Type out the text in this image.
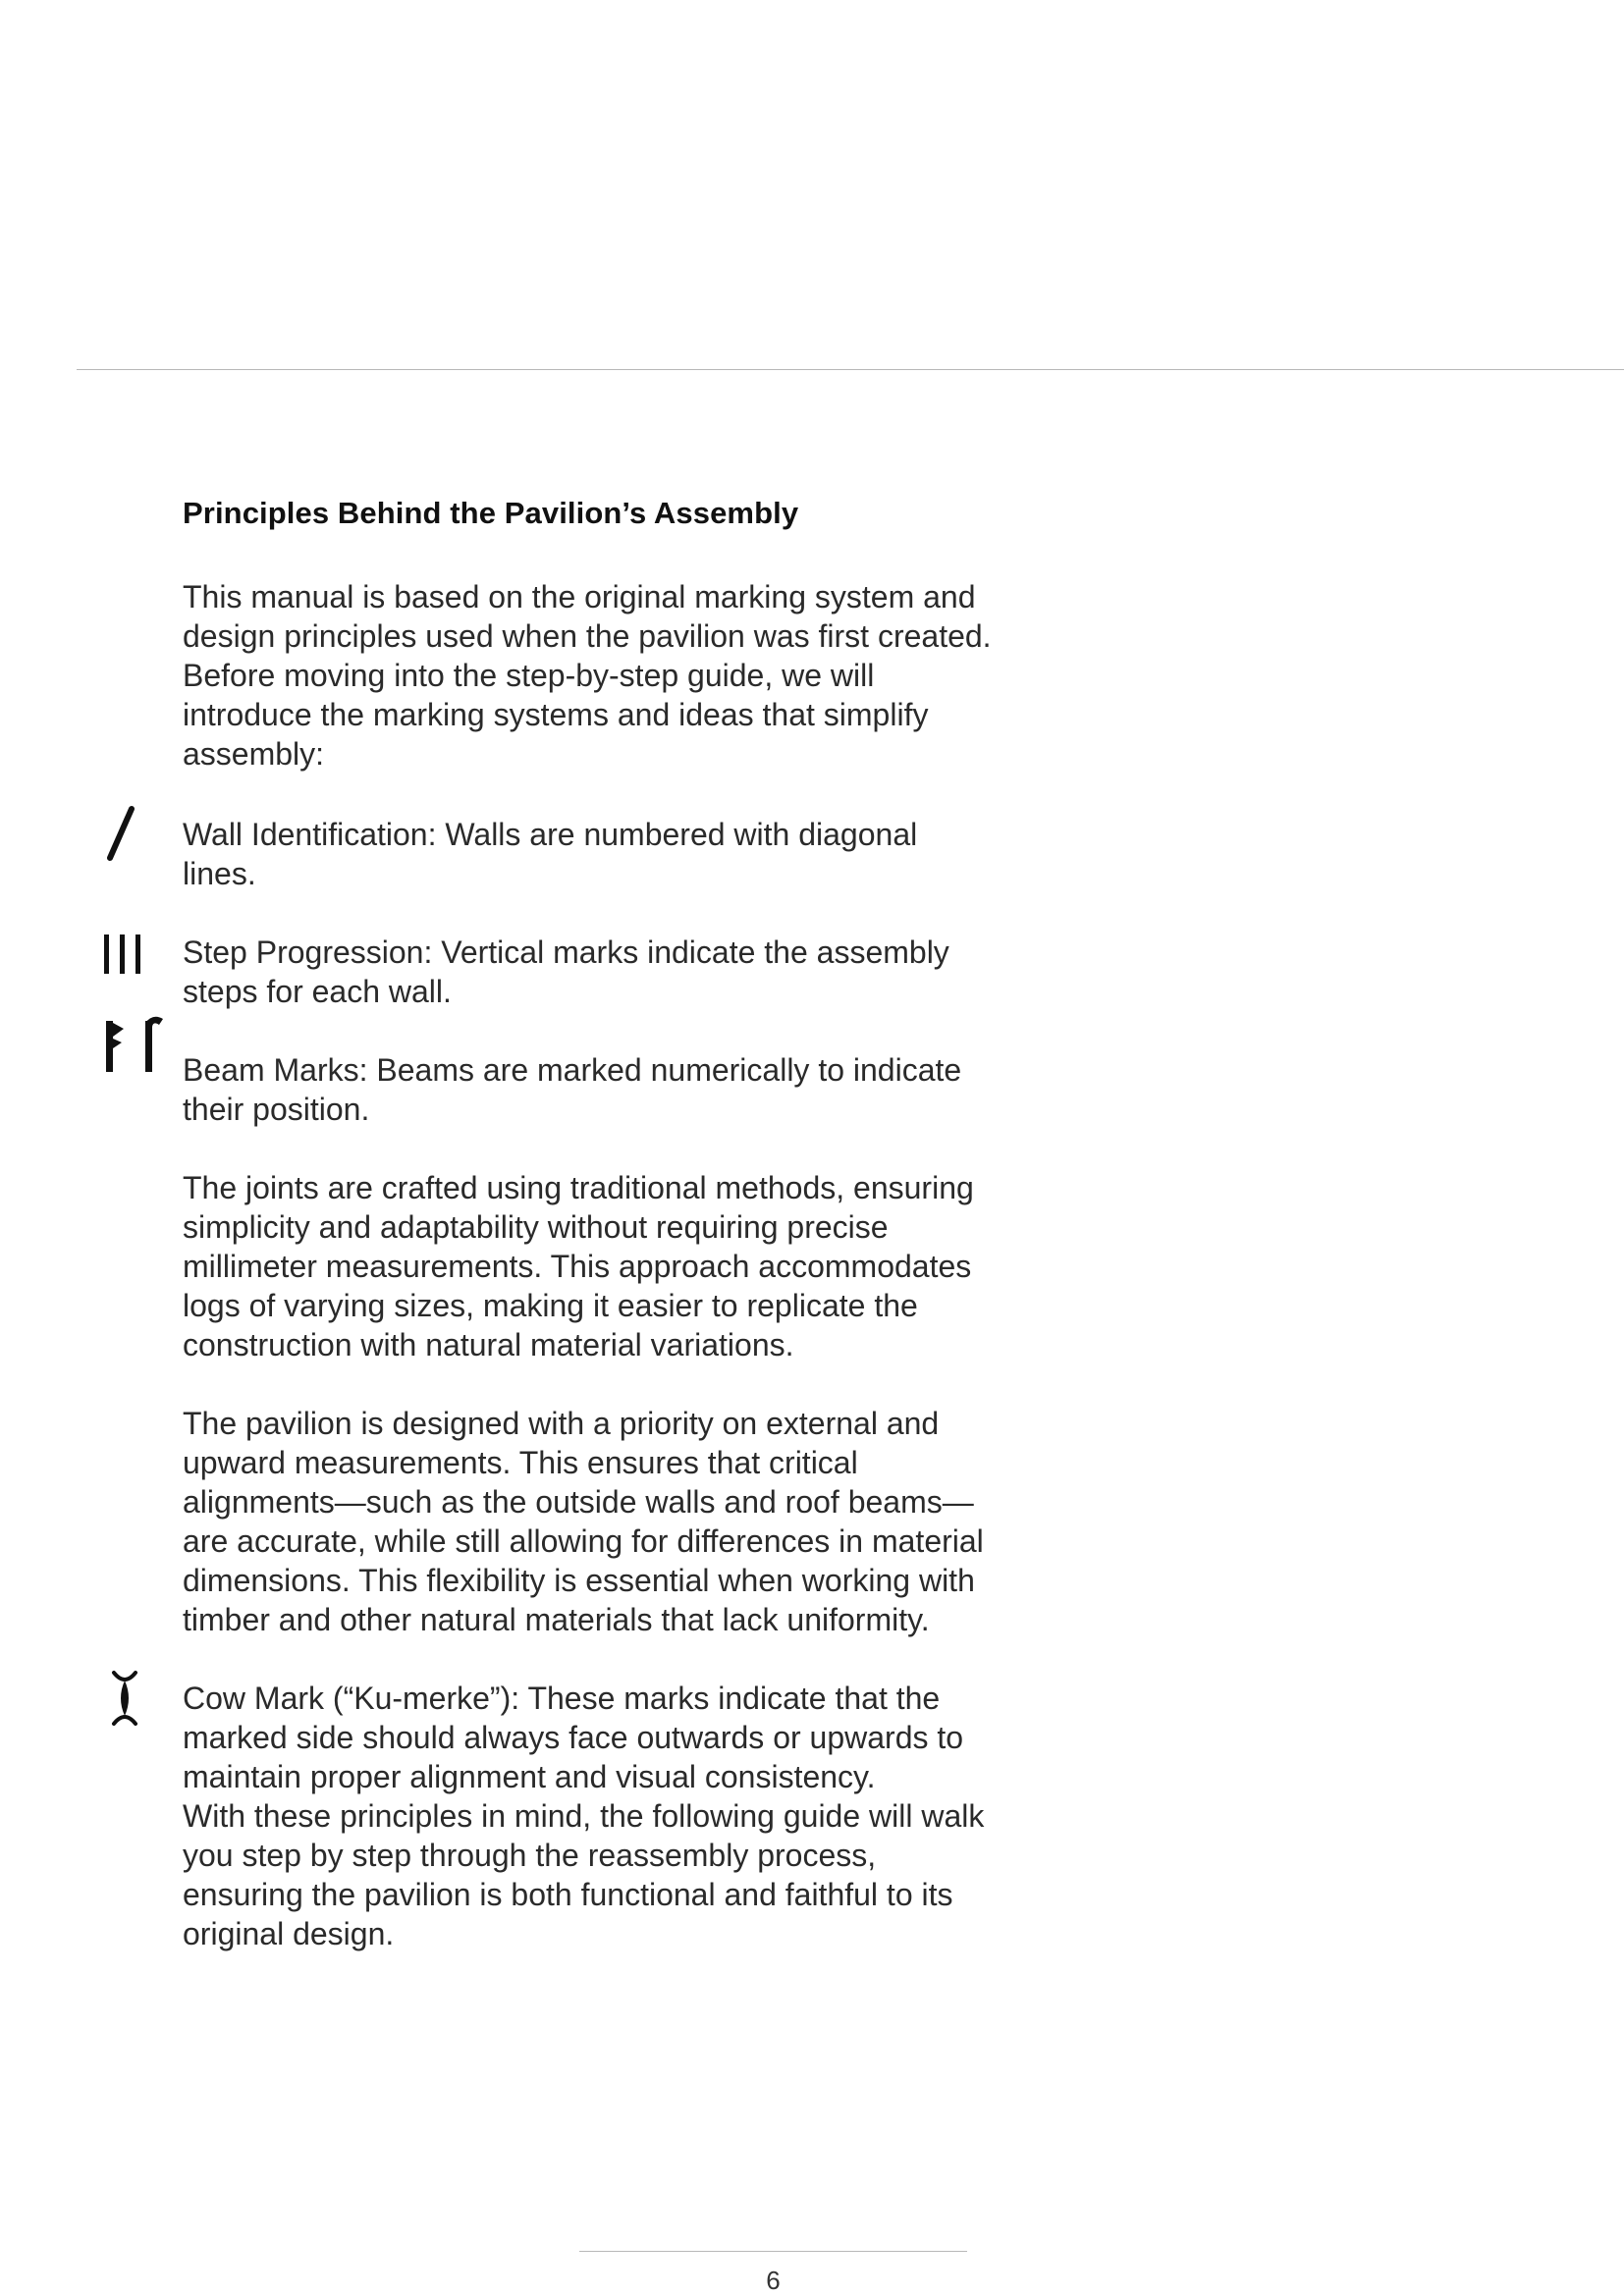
Principles Behind the Pavilion’s Assembly

This manual is based on the original marking system and design principles used when the pavilion was first created. Before moving into the step-by-step guide, we will introduce the marking systems and ideas that simplify assembly:

Wall Identification: Walls are numbered with diagonal lines.

Step Progression: Vertical marks indicate the assembly steps for each wall.

Beam Marks: Beams are marked numerically to indicate their position.

The joints are crafted using traditional methods, ensuring simplicity and adaptability without requiring precise millimeter measurements. This approach accommodates logs of varying sizes, making it easier to replicate the construction with natural material variations.

The pavilion is designed with a priority on external and upward measurements. This ensures that critical alignments—such as the outside walls and roof beams—are accurate, while still allowing for differences in material dimensions. This flexibility is essential when working with timber and other natural materials that lack uniformity.

Cow Mark (“Ku-merke”): These marks indicate that the marked side should always face outwards or upwards to maintain proper alignment and visual consistency.

With these principles in mind, the following guide will walk you step by step through the reassembly process, ensuring the pavilion is both functional and faithful to its original design.

6
